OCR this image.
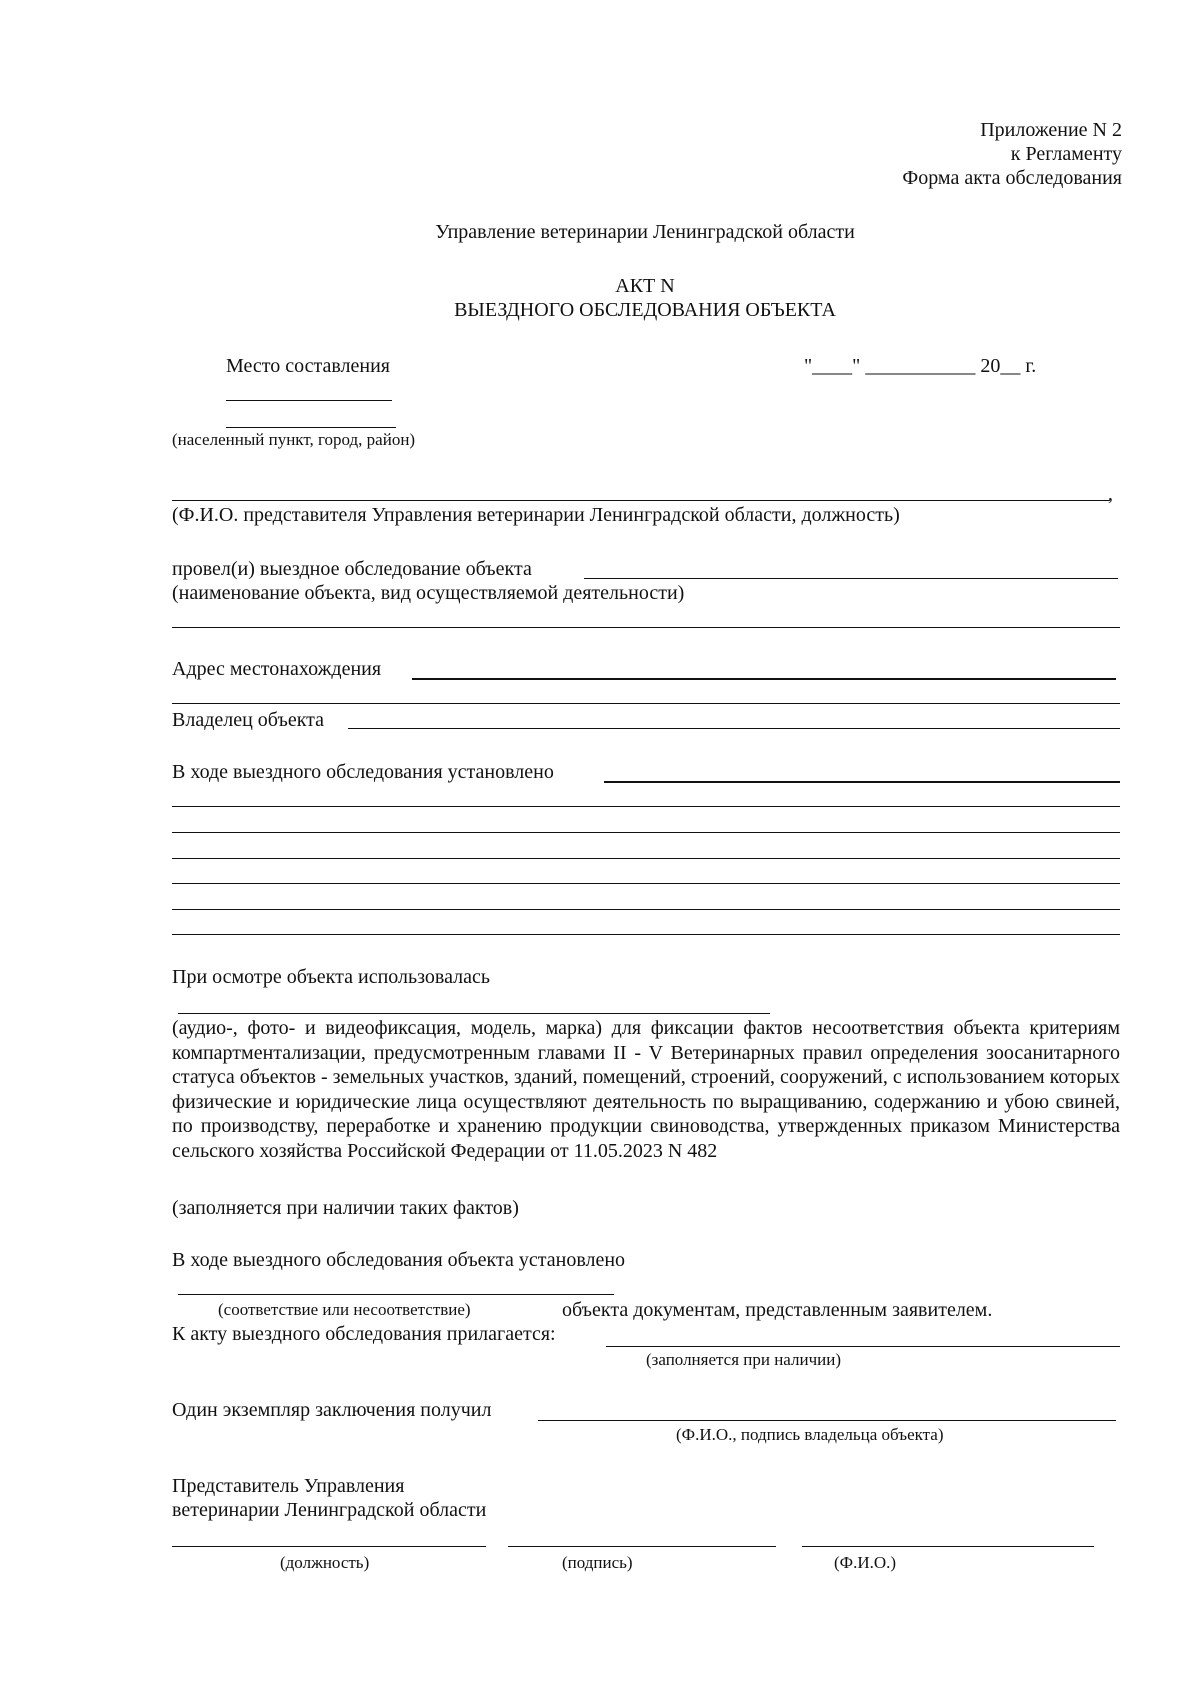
Приложение N 2
к Регламенту
Форма акта обследования
Управление ветеринарии Ленинградской области
АКТ N
ВЫЕЗДНОГО ОБСЛЕДОВАНИЯ ОБЪЕКТА
Место составления	"____" ___________ 20__ г.
(населенный пункт, город, район)
,
(Ф.И.О. представителя Управления ветеринарии Ленинградской области, должность)
провел(и) выездное обследование объекта
(наименование объекта, вид осуществляемой деятельности)
Адрес местонахождения
Владелец объекта
В ходе выездного обследования установлено
При осмотре объекта использовалась
(аудио-, фото- и видеофиксация, модель, марка) для фиксации фактов несоответствия объекта критериям компартментализации, предусмотренным главами II - V Ветеринарных правил определения зоосанитарного статуса объектов - земельных участков, зданий, помещений, строений, сооружений, с использованием которых физические и юридические лица осуществляют деятельность по выращиванию, содержанию и убою свиней, по производству, переработке и хранению продукции свиноводства, утвержденных приказом Министерства сельского хозяйства Российской Федерации от 11.05.2023 N 482
(заполняется при наличии таких фактов)
В ходе выездного обследования объекта установлено
(соответствие или несоответствие)	объекта документам, представленным заявителем.
К акту выездного обследования прилагается:
(заполняется при наличии)
Один экземпляр заключения получил
(Ф.И.О., подпись владельца объекта)
Представитель Управления
ветеринарии Ленинградской области
(должность)	(подпись)	(Ф.И.О.)
